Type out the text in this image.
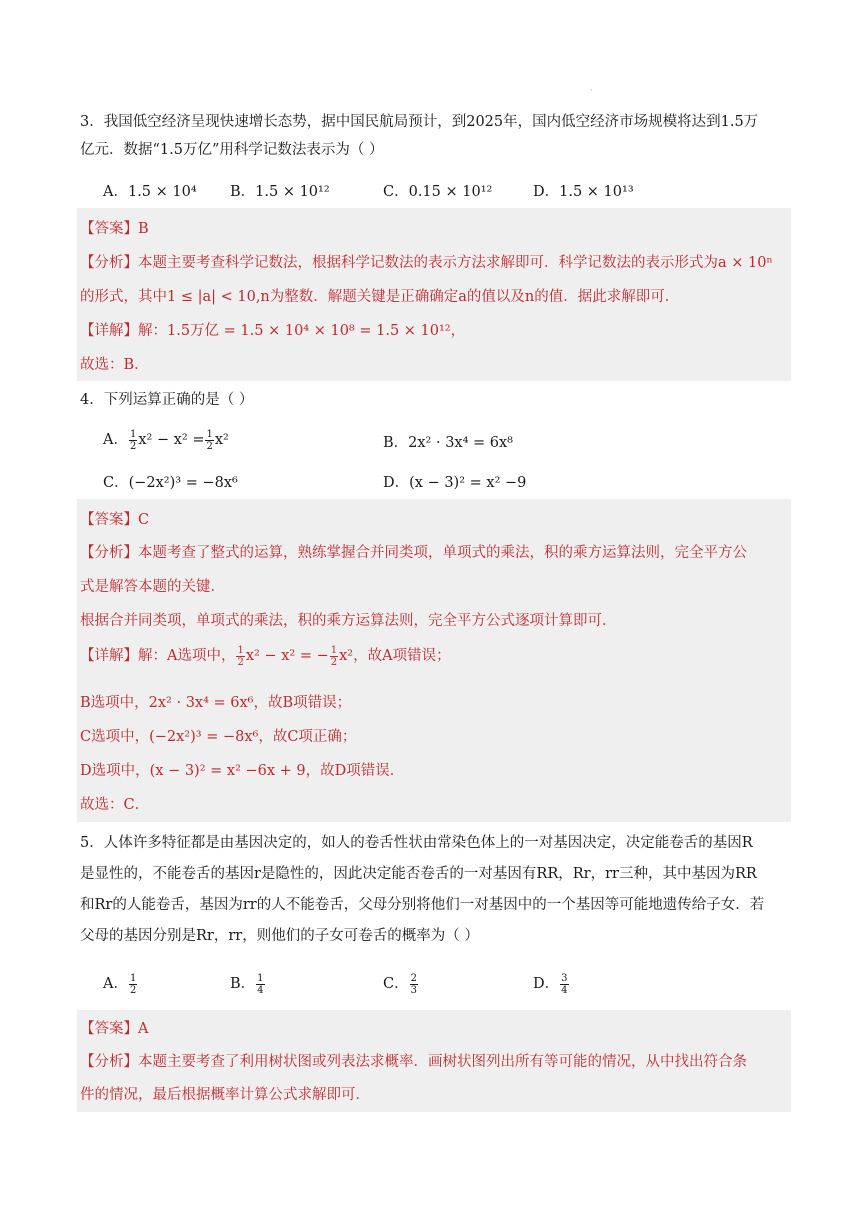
·
3．我国低空经济呈现快速增长态势，据中国民航局预计，到2025年，国内低空经济市场规模将达到1.5万
亿元．数据“1.5万亿”用科学记数法表示为（ ）
A．1.5 × 10⁴ B．1.5 × 10¹²	C．0.15 × 10¹²	D．1.5 × 10¹³
【答案】B
【分析】本题主要考查科学记数法，根据科学记数法的表示方法求解即可．科学记数法的表示形式为a × 10ⁿ
的形式，其中1 ≤ |a| < 10,n为整数．解题关键是正确确定a的值以及n的值．据此求解即可．
【详解】解：1.5万亿 = 1.5 × 10⁴ × 10⁸ = 1.5 × 10¹²，
故选：B．
4．下列运算正确的是（ ）
A． $\frac{1}{2} x^2 - x^2 = \frac{1}{2} x^2$	B．2x² · 3x⁴ = 6x⁸
C．(−2x²)³ = −8x⁶	D．(x − 3)² = x² −9
【答案】C
【分析】本题考查了整式的运算，熟练掌握合并同类项，单项式的乘法，积的乘方运算法则，完全平方公
式是解答本题的关键．
根据合并同类项，单项式的乘法，积的乘方运算法则，完全平方公式逐项计算即可．
【详解】解：A选项中， $\frac{1}{2} x^2 - x^2$ = − $\frac{1}{2} x^2$，故A项错误；
B选项中，2x² · 3x⁴ = 6x⁶，故B项错误；
C选项中，(−2x²)³ = −8x⁶，故C项正确；
D选项中，(x − 3)² = x² −6x + 9，故D项错误．
故选：C．
5．人体许多特征都是由基因决定的，如人的卷舌性状由常染色体上的一对基因决定，决定能卷舌的基因R
是显性的，不能卷舌的基因r是隐性的，因此决定能否卷舌的一对基因有RR，Rr，rr三种，其中基因为RR
和Rr的人能卷舌，基因为rr的人不能卷舌，父母分别将他们一对基因中的一个基因等可能地遗传给子女．若
父母的基因分别是Rr，rr，则他们的子女可卷舌的概率为（ ）
A． $\frac{1}{2}$	B． $\frac{1}{4}$	C． $\frac{2}{3}$	D． $\frac{3}{4}$
【答案】A
【分析】本题主要考查了利用树状图或列表法求概率．画树状图列出所有等可能的情况，从中找出符合条
件的情况，最后根据概率计算公式求解即可．
